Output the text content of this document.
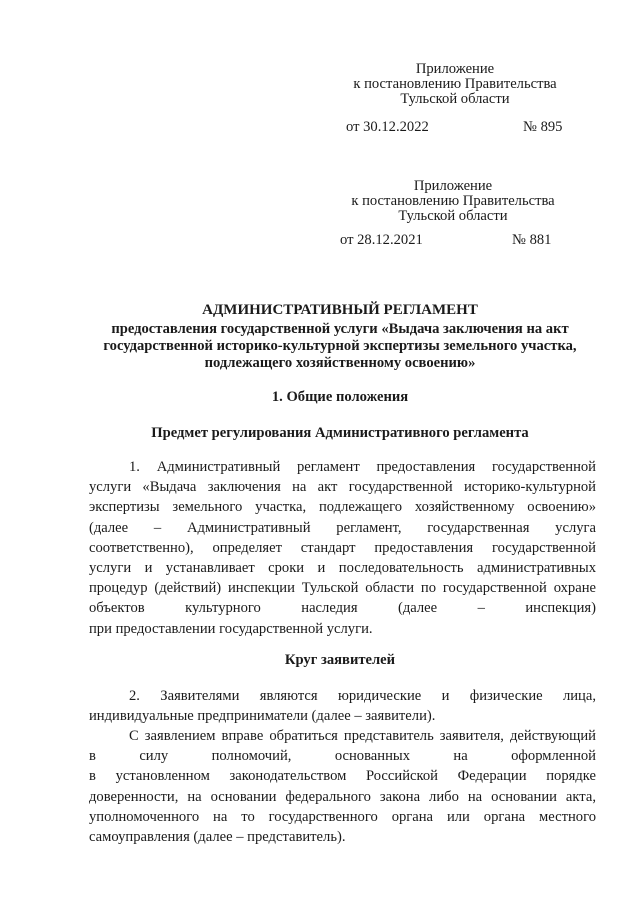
Приложение
к постановлению Правительства
Тульской области
от 30.12.2022	№ 895
Приложение
к постановлению Правительства
Тульской области
от 28.12.2021	№ 881
АДМИНИСТРАТИВНЫЙ РЕГЛАМЕНТ
предоставления государственной услуги «Выдача заключения на акт
государственной историко-культурной экспертизы земельного участка,
подлежащего хозяйственному освоению»
1. Общие положения
Предмет регулирования Административного регламента
1. Административный регламент предоставления государственной
услуги «Выдача заключения на акт государственной историко-культурной
экспертизы земельного участка, подлежащего хозяйственному освоению»
(далее – Административный регламент, государственная услуга
соответственно), определяет стандарт предоставления государственной
услуги и устанавливает сроки и последовательность административных
процедур (действий) инспекции Тульской области по государственной охране
объектов культурного наследия (далее – инспекция)
при предоставлении государственной услуги.
Круг заявителей
2. Заявителями являются юридические и физические лица,
индивидуальные предприниматели (далее – заявители).
С заявлением вправе обратиться представитель заявителя, действующий
в силу полномочий, основанных на оформленной
в установленном законодательством Российской Федерации порядке
доверенности, на основании федерального закона либо на основании акта,
уполномоченного на то государственного органа или органа местного
самоуправления (далее – представитель).
